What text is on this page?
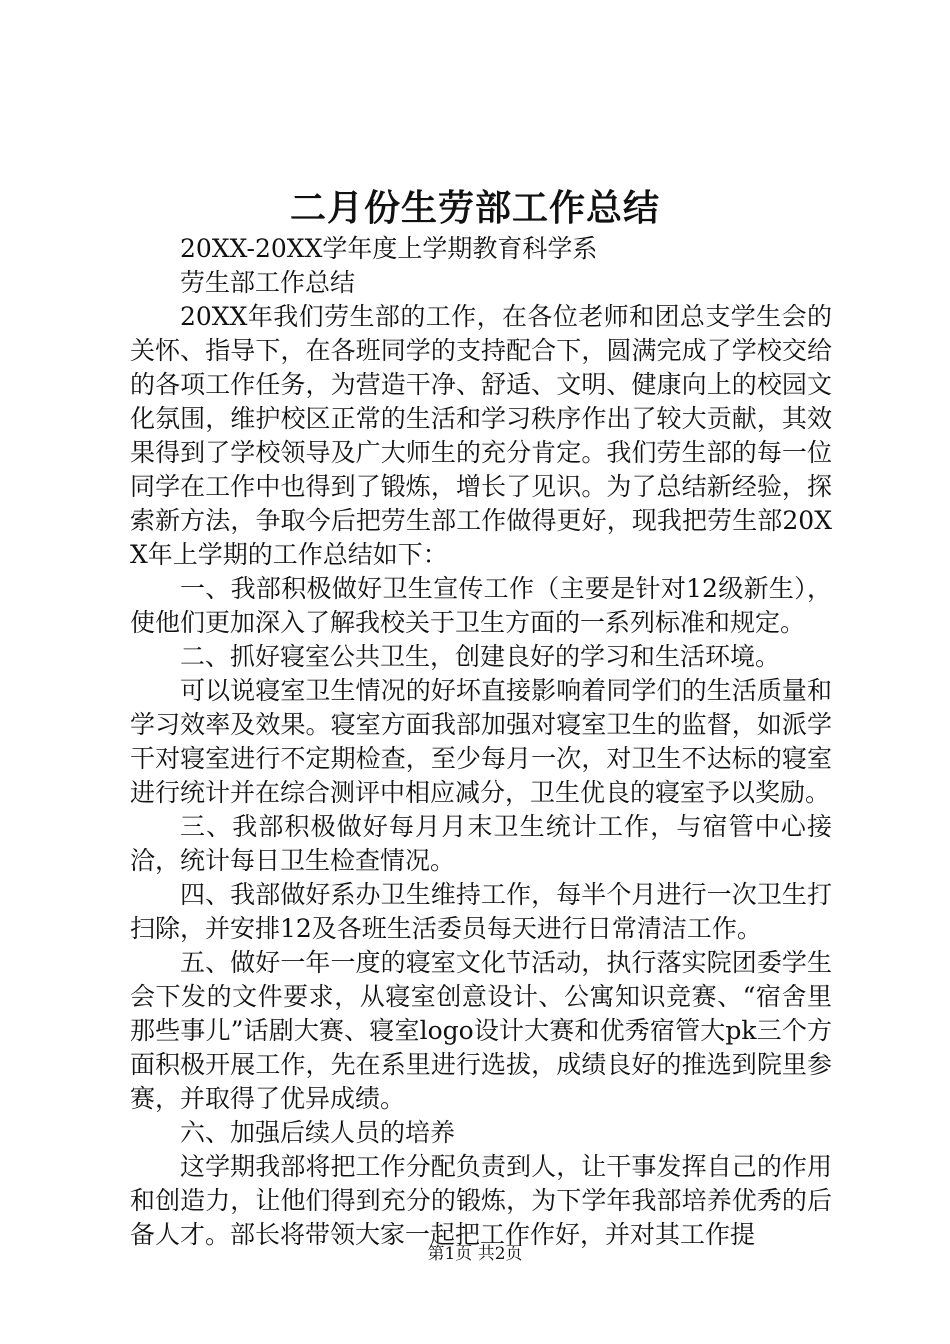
二月份生劳部工作总结

20XX-20XX学年度上学期教育科学系

劳生部工作总结

20XX年我们劳生部的工作，在各位老师和团总支学生会的关怀、指导下，在各班同学的支持配合下，圆满完成了学校交给的各项工作任务，为营造干净、舒适、文明、健康向上的校园文化氛围，维护校区正常的生活和学习秩序作出了较大贡献，其效果得到了学校领导及广大师生的充分肯定。我们劳生部的每一位同学在工作中也得到了锻炼，增长了见识。为了总结新经验，探索新方法，争取今后把劳生部工作做得更好，现我把劳生部20XX年上学期的工作总结如下：

一、我部积极做好卫生宣传工作（主要是针对12级新生），使他们更加深入了解我校关于卫生方面的一系列标准和规定。

二、抓好寝室公共卫生，创建良好的学习和生活环境。

可以说寝室卫生情况的好坏直接影响着同学们的生活质量和学习效率及效果。寝室方面我部加强对寝室卫生的监督，如派学干对寝室进行不定期检查，至少每月一次，对卫生不达标的寝室进行统计并在综合测评中相应减分，卫生优良的寝室予以奖励。

三、我部积极做好每月月末卫生统计工作，与宿管中心接洽，统计每日卫生检查情况。

四、我部做好系办卫生维持工作，每半个月进行一次卫生打扫除，并安排12及各班生活委员每天进行日常清洁工作。

五、做好一年一度的寝室文化节活动，执行落实院团委学生会下发的文件要求，从寝室创意设计、公寓知识竞赛、“宿舍里那些事儿”话剧大赛、寝室logo设计大赛和优秀宿管大pk三个方面积极开展工作，先在系里进行选拔，成绩良好的推选到院里参赛，并取得了优异成绩。

六、加强后续人员的培养

这学期我部将把工作分配负责到人，让干事发挥自己的作用和创造力，让他们得到充分的锻炼，为下学年我部培养优秀的后备人才。部长将带领大家一起把工作作好，并对其工作提

第1页 共2页
